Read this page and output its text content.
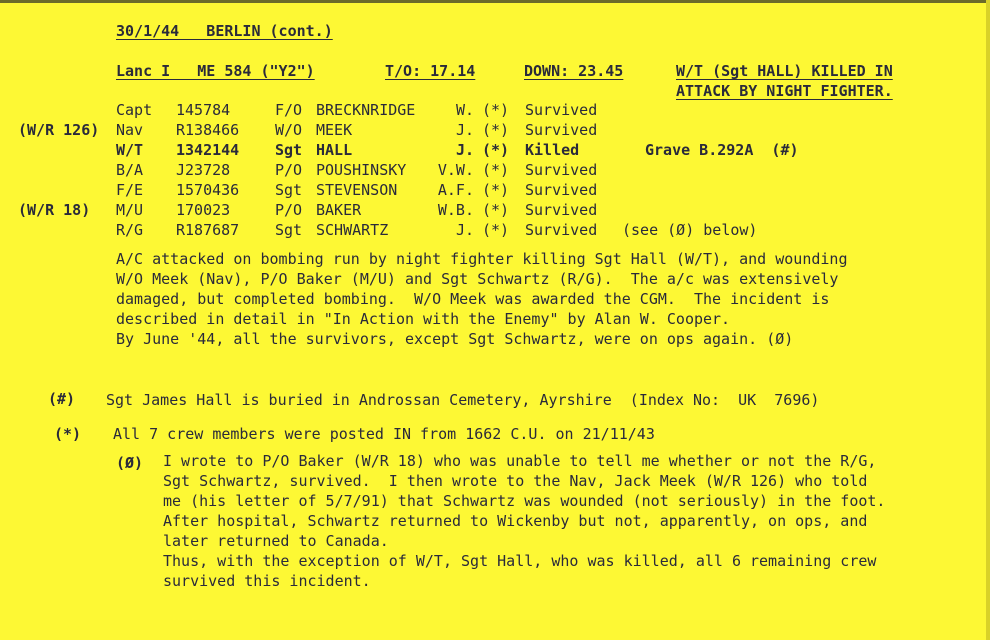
30/1/44   BERLIN (cont.)
Lanc I   ME 584 ("Y2")	T/O: 17.14	DOWN: 23.45	W/T (Sgt HALL) KILLED IN
ATTACK BY NIGHT FIGHTER.
Capt 145784	F/O BRECKNRIDGE	W. (*) Survived
(W/R 126) Nav R138466 W/O MEEK	J. (*) Survived
W/T 1342144 Sgt HALL	J. (*) Killed	Grave B.292A  (#)
B/A J23728	P/O POUSHINSKY V.W. (*) Survived
F/E 1570436 Sgt STEVENSON	A.F. (*) Survived
(W/R 18) M/U 170023	P/O BAKER	W.B. (*) Survived
R/G R187687 Sgt SCHWARTZ	J. (*) Survived (see (Ø) below)
A/C attacked on bombing run by night fighter killing Sgt Hall (W/T), and wounding
W/O Meek (Nav), P/O Baker (M/U) and Sgt Schwartz (R/G).  The a/c was extensively
damaged, but completed bombing.  W/O Meek was awarded the CGM.  The incident is
described in detail in "In Action with the Enemy" by Alan W. Cooper.
By June '44, all the survivors, except Sgt Schwartz, were on ops again. (Ø)
(#) Sgt James Hall is buried in Androssan Cemetery, Ayrshire  (Index No:  UK  7696)
(*) All 7 crew members were posted IN from 1662 C.U. on 21/11/43
(Ø) I wrote to P/O Baker (W/R 18) who was unable to tell me whether or not the R/G,
Sgt Schwartz, survived.  I then wrote to the Nav, Jack Meek (W/R 126) who told
me (his letter of 5/7/91) that Schwartz was wounded (not seriously) in the foot.
After hospital, Schwartz returned to Wickenby but not, apparently, on ops, and
later returned to Canada.
Thus, with the exception of W/T, Sgt Hall, who was killed, all 6 remaining crew
survived this incident.
